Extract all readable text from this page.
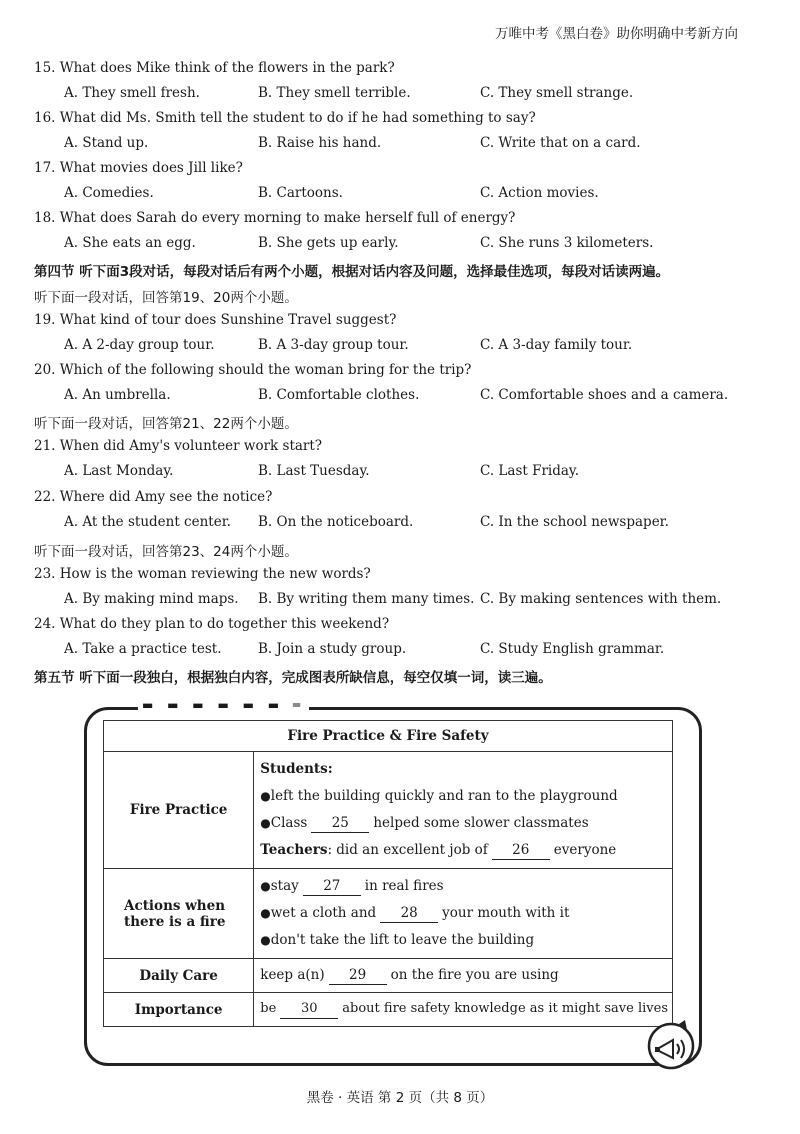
万唯中考《黑白卷》助你明确中考新方向
15. What does Mike think of the flowers in the park?
A. They smell fresh.	B. They smell terrible.	C. They smell strange.
16. What did Ms. Smith tell the student to do if he had something to say?
A. Stand up.	B. Raise his hand.	C. Write that on a card.
17. What movies does Jill like?
A. Comedies.	B. Cartoons.	C. Action movies.
18. What does Sarah do every morning to make herself full of energy?
A. She eats an egg.	B. She gets up early.	C. She runs 3 kilometers.
第四节 听下面3段对话，每段对话后有两个小题，根据对话内容及问题，选择最佳选项，每段对话读两遍。
听下面一段对话，回答第19、20两个小题。
19. What kind of tour does Sunshine Travel suggest?
A. A 2-day group tour.	B. A 3-day group tour.	C. A 3-day family tour.
20. Which of the following should the woman bring for the trip?
A. An umbrella.	B. Comfortable clothes.	C. Comfortable shoes and a camera.
听下面一段对话，回答第21、22两个小题。
21. When did Amy's volunteer work start?
A. Last Monday.	B. Last Tuesday.	C. Last Friday.
22. Where did Amy see the notice?
A. At the student center. B. On the noticeboard.	C. In the school newspaper.
听下面一段对话，回答第23、24两个小题。
23. How is the woman reviewing the new words?
A. By making mind maps. B. By writing them many times. C. By making sentences with them.
24. What do they plan to do together this weekend?
A. Take a practice test.	B. Join a study group.	C. Study English grammar.
第五节 听下面一段独白，根据独白内容，完成图表所缺信息，每空仅填一词，读三遍。
▬ ▬ ▬ ▬ ▬ ▬ ═
Fire Practice & Fire Safety	
Fire Practice	Students:
●left the building quickly and ran to the playground
●Class 25 helped some slower classmates
Teachers: did an excellent job of 26 everyone

Actions when there is a fire	●stay 27 in real fires
●wet a cloth and 28 your mouth with it
●don't take the lift to leave the building

Daily Care	keep a(n) 29 on the fire you are using
Importance	be 30 about fire safety knowledge as it might save lives
黑卷 · 英语 第 2 页（共 8 页）
